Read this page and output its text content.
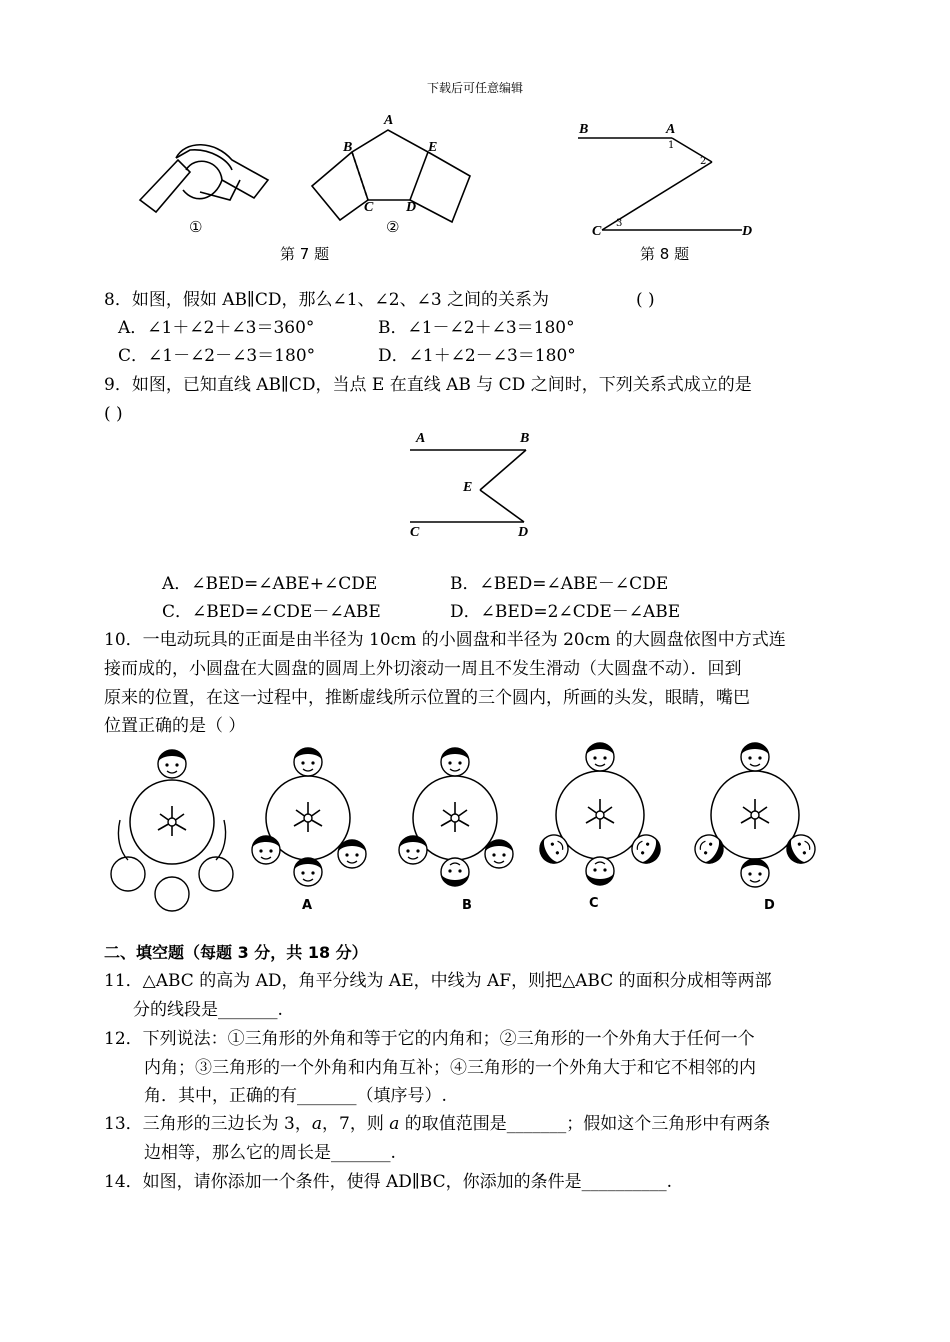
下载后可任意编辑
①	②
第 7 题
A
B
C D
E
B	A
C	D
1
2
3
第 8 题
8．如图，假如 AB∥CD，那么∠1、∠2、∠3 之间的关系为	( )
A．∠1＋∠2＋∠3＝360°	B．∠1－∠2＋∠3＝180°
C．∠1－∠2－∠3＝180°	D．∠1＋∠2－∠3＝180°
9．如图，已知直线 AB∥CD，当点 E 在直线 AB 与 CD 之间时，下列关系式成立的是
( )
A	B
E
C	D
A．∠BED=∠ABE+∠CDE	B．∠BED=∠ABE－∠CDE
C．∠BED=∠CDE－∠ABE	D．∠BED=2∠CDE－∠ABE
10．一电动玩具的正面是由半径为 10cm 的小圆盘和半径为 20cm 的大圆盘依图中方式连
接而成的，小圆盘在大圆盘的圆周上外切滚动一周且不发生滑动（大圆盘不动）．回到
原来的位置，在这一过程中，推断虚线所示位置的三个圆内，所画的头发，眼睛，嘴巴
位置正确的是（ ）
A	B	C	D
二、填空题（每题 3 分，共 18 分）
11．△ABC 的高为 AD，角平分线为 AE，中线为 AF，则把△ABC 的面积分成相等两部
分的线段是_______.
12．下列说法：①三角形的外角和等于它的内角和；②三角形的一个外角大于任何一个
内角；③三角形的一个外角和内角互补；④三角形的一个外角大于和它不相邻的内
角．其中，正确的有_______（填序号）.
13．三角形的三边长为 3，a，7，则 a 的取值范围是_______；假如这个三角形中有两条
边相等，那么它的周长是_______.
14．如图，请你添加一个条件，使得 AD∥BC，你添加的条件是__________.
